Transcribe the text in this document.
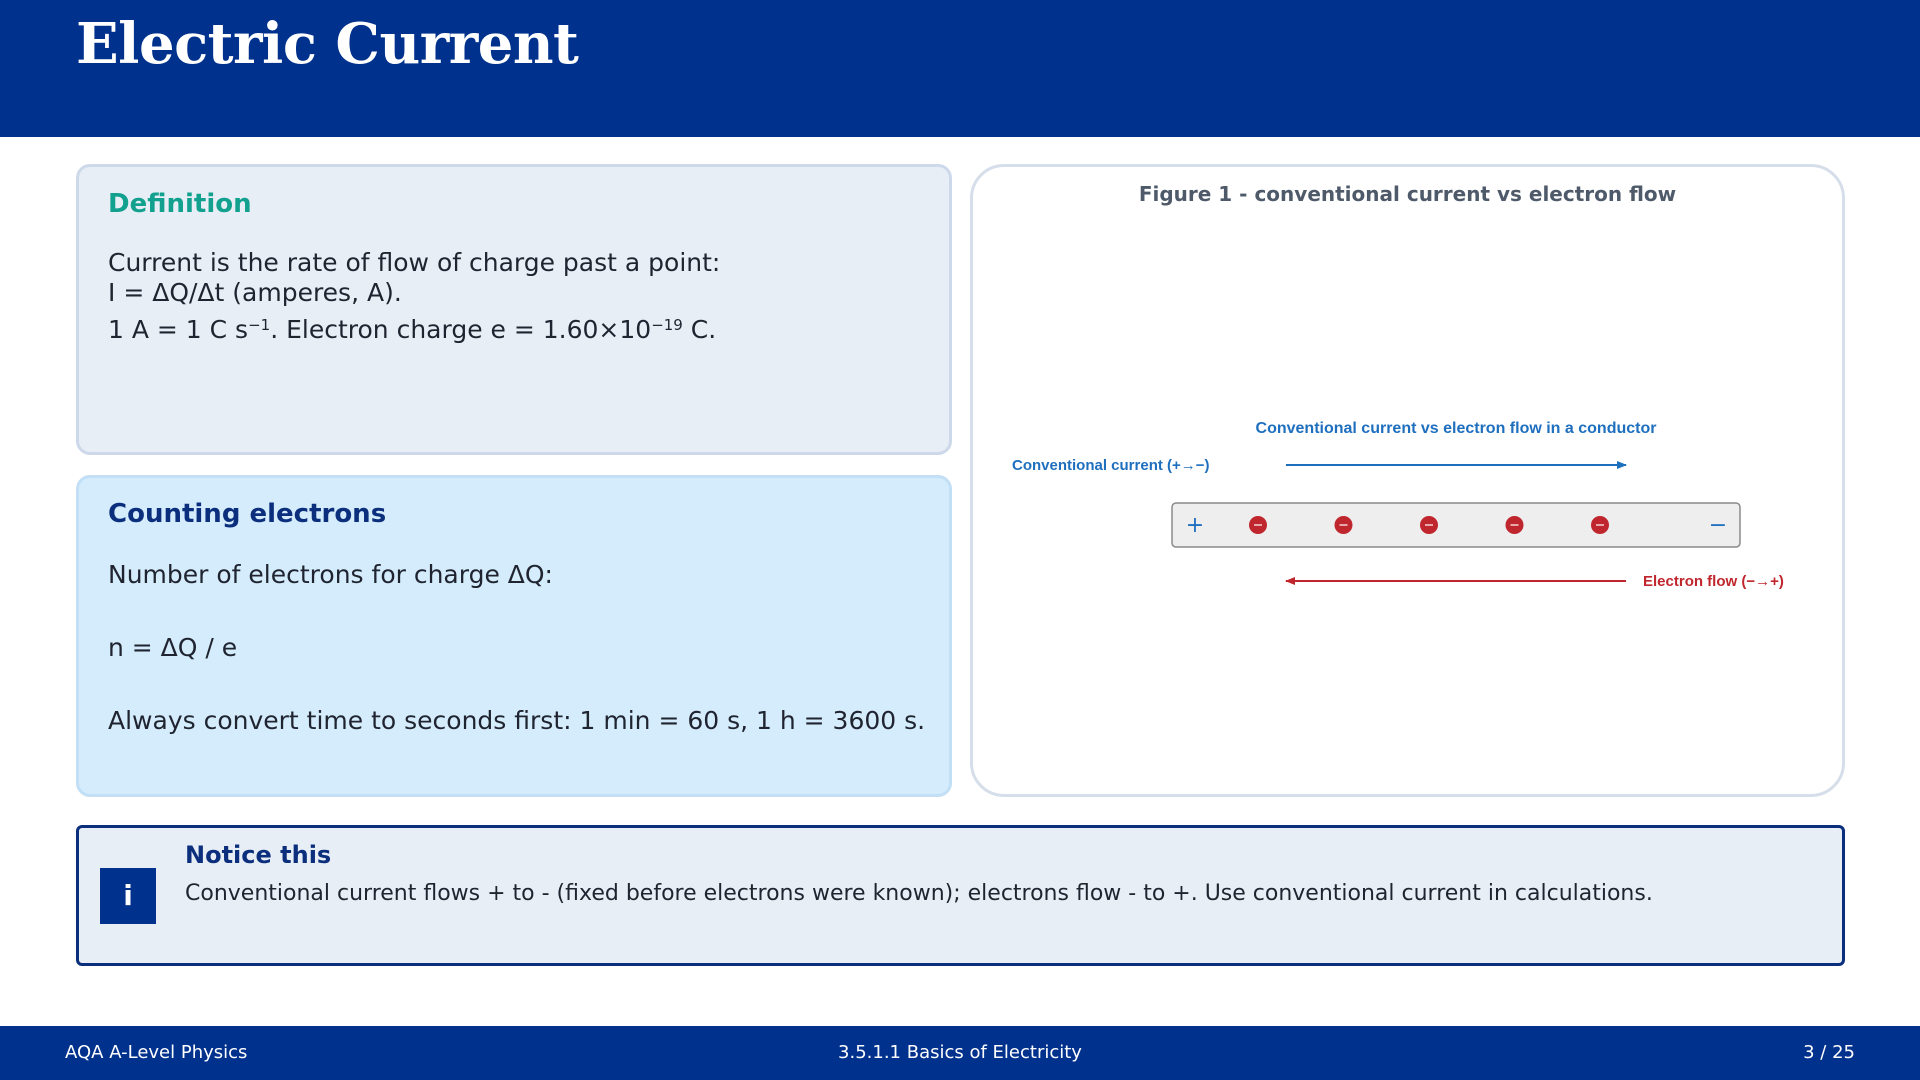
Electric Current
Definition
Current is the rate of flow of charge past a point:
I = ΔQ/Δt (amperes, A).
1 A = 1 C $s^{-1}$. Electron charge $e = 1.60\times 10^{-19}$ C.
Counting electrons
Number of electrons for charge ΔQ:
n = ΔQ / e
Always convert time to seconds first: 1 min = 60 s, 1 h = 3600 s.
Figure 1 - conventional current vs electron flow
Conventional current vs electron flow in a conductor
Conventional current (+→−)
+	−
Electron flow (−→+)
i
Notice this
Conventional current flows + to - (fixed before electrons were known); electrons flow - to +. Use conventional current in calculations.
AQA A-Level Physics	3.5.1.1 Basics of Electricity	3 / 25
